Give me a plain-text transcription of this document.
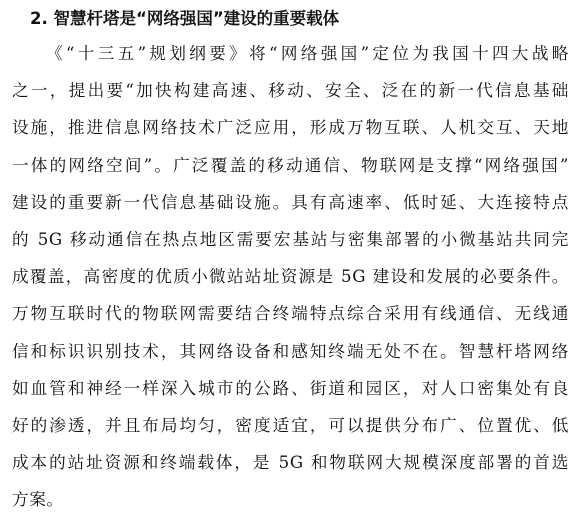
2. 智慧杆塔是“网络强国”建设的重要载体
《“十三五”规划纲要》将“网络强国”定位为我国十四大战略
之一，提出要“加快构建高速、移动、安全、泛在的新一代信息基础
设施，推进信息网络技术广泛应用，形成万物互联、人机交互、天地
一体的网络空间”。广泛覆盖的移动通信、物联网是支撑“网络强国”
建设的重要新一代信息基础设施。具有高速率、低时延、大连接特点
的 5G 移动通信在热点地区需要宏基站与密集部署的小微基站共同完
成覆盖，高密度的优质小微站站址资源是 5G 建设和发展的必要条件。
万物互联时代的物联网需要结合终端特点综合采用有线通信、无线通
信和标识识别技术，其网络设备和感知终端无处不在。智慧杆塔网络
如血管和神经一样深入城市的公路、街道和园区，对人口密集处有良
好的渗透，并且布局均匀，密度适宜，可以提供分布广、位置优、低
成本的站址资源和终端载体，是 5G 和物联网大规模深度部署的首选
方案。
